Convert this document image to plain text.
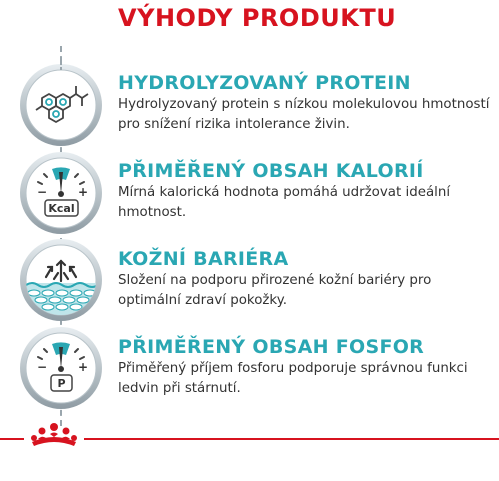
VÝHODY PRODUKTU
HYDROLYZOVANÝ PROTEIN
Hydrolyzovaný protein s nízkou molekulovou hmotností pro snížení rizika intolerance živin.
−	+
Kcal
PŘIMĚŘENÝ OBSAH KALORIÍ
Mírná kalorická hodnota pomáhá udržovat ideální hmotnost.
KOŽNÍ BARIÉRA
Složení na podporu přirozené kožní bariéry pro optimální zdraví pokožky.
−	+
P
PŘIMĚŘENÝ OBSAH FOSFOR
Přiměřený příjem fosforu podporuje správnou funkci ledvin při stárnutí.
